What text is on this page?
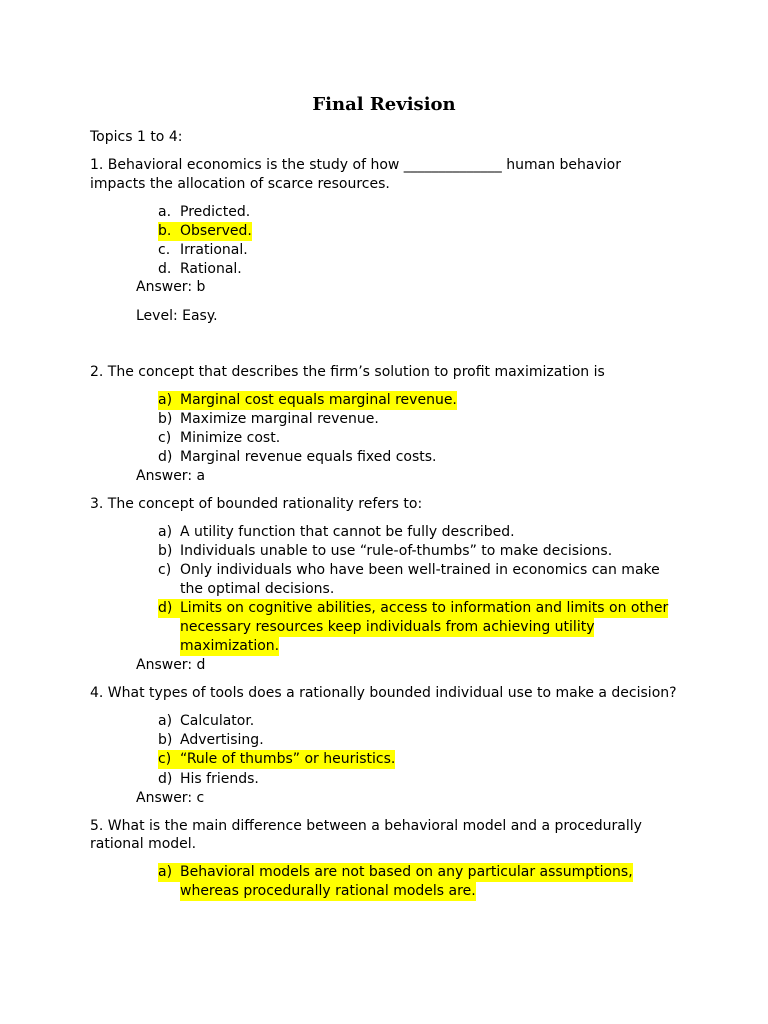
Final Revision
Topics 1 to 4:
1. Behavioral economics is the study of how ______________ human behavior
impacts the allocation of scarce resources.
a. Predicted.
b. Observed.
c. Irrational.
d. Rational.
Answer: b
Level: Easy.
2. The concept that describes the firm’s solution to profit maximization is
a) Marginal cost equals marginal revenue.
b) Maximize marginal revenue.
c) Minimize cost.
d) Marginal revenue equals fixed costs.
Answer: a
3. The concept of bounded rationality refers to:
a) A utility function that cannot be fully described.
b) Individuals unable to use “rule-of-thumbs” to make decisions.
c) Only individuals who have been well-trained in economics can make
the optimal decisions.
d) Limits on cognitive abilities, access to information and limits on other
necessary resources keep individuals from achieving utility
maximization.
Answer: d
4. What types of tools does a rationally bounded individual use to make a decision?
a) Calculator.
b) Advertising.
c) “Rule of thumbs” or heuristics.
d) His friends.
Answer: c
5. What is the main difference between a behavioral model and a procedurally
rational model.
a) Behavioral models are not based on any particular assumptions,
whereas procedurally rational models are.
